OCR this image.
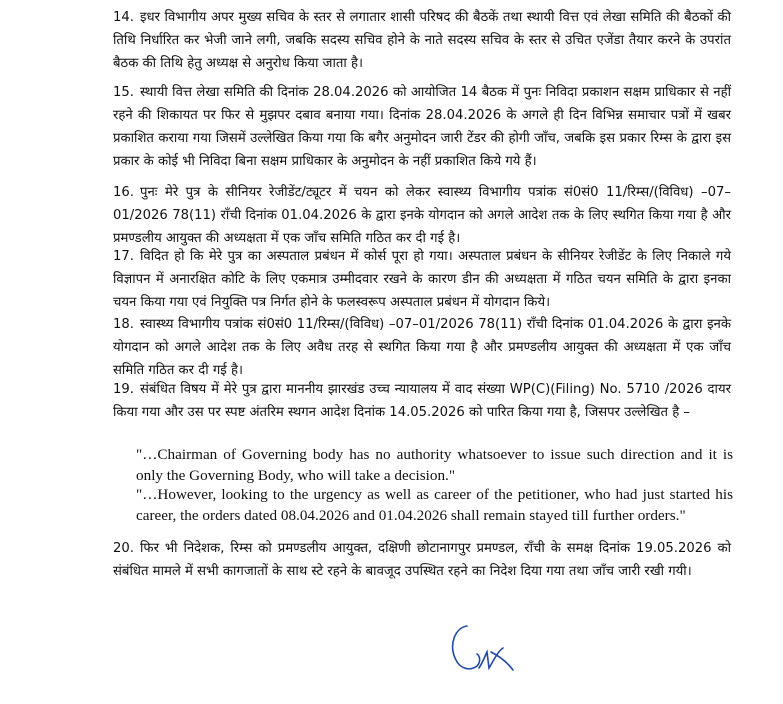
14. इधर विभागीय अपर मुख्य सचिव के स्तर से लगातार शासी परिषद की बैठकें तथा स्थायी वित्त एवं लेखा समिति की बैठकों की तिथि निर्धारित कर भेजी जाने लगी, जबकि सदस्य सचिव होने के नाते सदस्य सचिव के स्तर से उचित एजेंडा तैयार करने के उपरांत बैठक की तिथि हेतु अध्यक्ष से अनुरोध किया जाता है।
15. स्थायी वित्त लेखा समिति की दिनांक 28.04.2026 को आयोजित 14 बैठक में पुनः निविदा प्रकाशन सक्षम प्राधिकार से नहीं रहने की शिकायत पर फिर से मुझपर दबाव बनाया गया। दिनांक 28.04.2026 के अगले ही दिन विभिन्न समाचार पत्रों में खबर प्रकाशित कराया गया जिसमें उल्लेखित किया गया कि बगैर अनुमोदन जारी टेंडर की होगी जाँच, जबकि इस प्रकार रिम्स के द्वारा इस प्रकार के कोई भी निविदा बिना सक्षम प्राधिकार के अनुमोदन के नहीं प्रकाशित किये गये हैं।
16. पुनः मेरे पुत्र के सीनियर रेजीडेंट/ट्यूटर में चयन को लेकर स्वास्थ्य विभागीय पत्रांक सं0सं0 11/रिम्स/(विविध) –07–01/2026 78(11) राँची दिनांक 01.04.2026 के द्वारा इनके योगदान को अगले आदेश तक के लिए स्थगित किया गया है और प्रमण्डलीय आयुक्त की अध्यक्षता में एक जाँच समिति गठित कर दी गई है।
17. विदित हो कि मेरे पुत्र का अस्पताल प्रबंधन में कोर्स पूरा हो गया। अस्पताल प्रबंधन के सीनियर रेजीडेंट के लिए निकाले गये विज्ञापन में अनारक्षित कोटि के लिए एकमात्र उम्मीदवार रखने के कारण डीन की अध्यक्षता में गठित चयन समिति के द्वारा इनका चयन किया गया एवं नियुक्ति पत्र निर्गत होने के फलस्वरूप अस्पताल प्रबंधन में योगदान किये।
18. स्वास्थ्य विभागीय पत्रांक सं0सं0 11/रिम्स/(विविध) –07–01/2026 78(11) राँची दिनांक 01.04.2026 के द्वारा इनके योगदान को अगले आदेश तक के लिए अवैध तरह से स्थगित किया गया है और प्रमण्डलीय आयुक्त की अध्यक्षता में एक जाँच समिति गठित कर दी गई है।
19. संबंधित विषय में मेरे पुत्र द्वारा माननीय झारखंड उच्च न्यायालय में वाद संख्या WP(C)(Filing) No. 5710 /2026 दायर किया गया और उस पर स्पष्ट अंतरिम स्थगन आदेश दिनांक 14.05.2026 को पारित किया गया है, जिसपर उल्लेखित है –
"…Chairman of Governing body has no authority whatsoever to issue such direction and it is only the Governing Body, who will take a decision."
"…However, looking to the urgency as well as career of the petitioner, who had just started his career, the orders dated 08.04.2026 and 01.04.2026 shall remain stayed till further orders."
20. फिर भी निदेशक, रिम्स को प्रमण्डलीय आयुक्त, दक्षिणी छोटानागपुर प्रमण्डल, राँची के समक्ष दिनांक 19.05.2026 को संबंधित मामले में सभी कागजातों के साथ स्टे रहने के बावजूद उपस्थित रहने का निदेश दिया गया तथा जाँच जारी रखी गयी।
